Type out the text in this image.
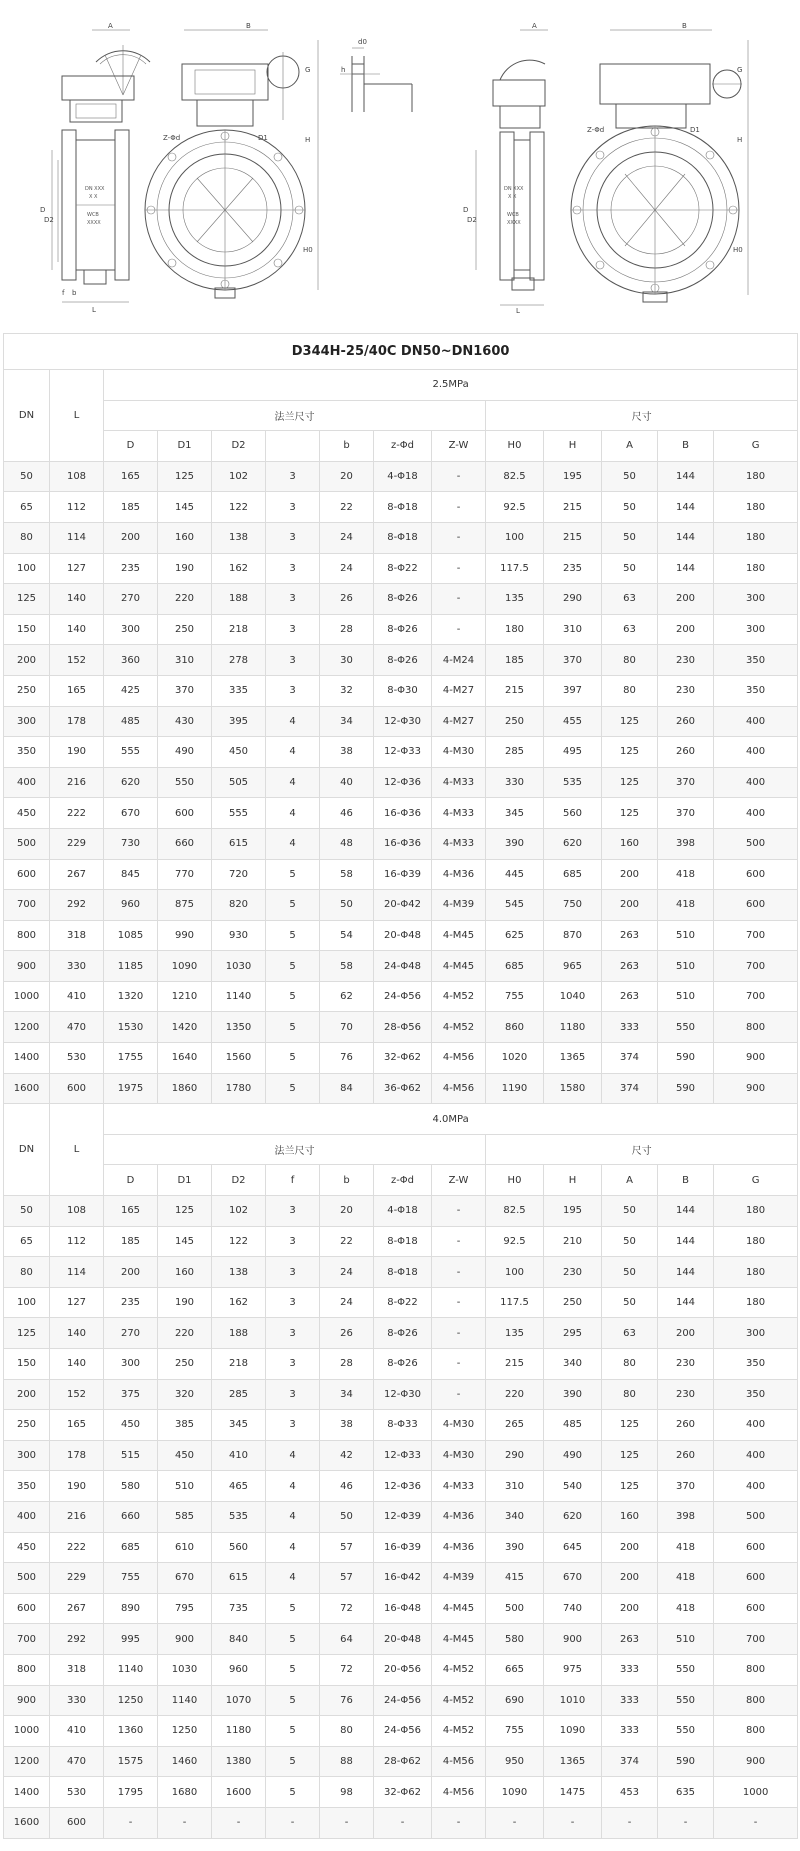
DN XXX
X X
WCB
XXXX
A
D
D2
L
f b
B
H
H0
G
Z-Φd	D1
d0
h
DN XXX
X X
WCB
XXXX
A
D
D2
L
B
H
H0
G
Z-Φd	D1
D344H-25/40C DN50~DN1600													
DN	L	2.5MPa											
		法兰尺寸							尺寸				
		D	D1	D2		b	z-Φd	Z-W	H0	H	A	B	G
50	108	165	125	102	3	20	4-Φ18	-	82.5	195	50	144	180
65	112	185	145	122	3	22	8-Φ18	-	92.5	215	50	144	180
80	114	200	160	138	3	24	8-Φ18	-	100	215	50	144	180
100	127	235	190	162	3	24	8-Φ22	-	117.5	235	50	144	180
125	140	270	220	188	3	26	8-Φ26	-	135	290	63	200	300
150	140	300	250	218	3	28	8-Φ26	-	180	310	63	200	300
200	152	360	310	278	3	30	8-Φ26	4-M24	185	370	80	230	350
250	165	425	370	335	3	32	8-Φ30	4-M27	215	397	80	230	350
300	178	485	430	395	4	34	12-Φ30	4-M27	250	455	125	260	400
350	190	555	490	450	4	38	12-Φ33	4-M30	285	495	125	260	400
400	216	620	550	505	4	40	12-Φ36	4-M33	330	535	125	370	400
450	222	670	600	555	4	46	16-Φ36	4-M33	345	560	125	370	400
500	229	730	660	615	4	48	16-Φ36	4-M33	390	620	160	398	500
600	267	845	770	720	5	58	16-Φ39	4-M36	445	685	200	418	600
700	292	960	875	820	5	50	20-Φ42	4-M39	545	750	200	418	600
800	318	1085	990	930	5	54	20-Φ48	4-M45	625	870	263	510	700
900	330	1185	1090	1030	5	58	24-Φ48	4-M45	685	965	263	510	700
1000	410	1320	1210	1140	5	62	24-Φ56	4-M52	755	1040	263	510	700
1200	470	1530	1420	1350	5	70	28-Φ56	4-M52	860	1180	333	550	800
1400	530	1755	1640	1560	5	76	32-Φ62	4-M56	1020	1365	374	590	900
1600	600	1975	1860	1780	5	84	36-Φ62	4-M56	1190	1580	374	590	900
DN	L	4.0MPa											
		法兰尺寸							尺寸				
		D	D1	D2	f	b	z-Φd	Z-W	H0	H	A	B	G
50	108	165	125	102	3	20	4-Φ18	-	82.5	195	50	144	180
65	112	185	145	122	3	22	8-Φ18	-	92.5	210	50	144	180
80	114	200	160	138	3	24	8-Φ18	-	100	230	50	144	180
100	127	235	190	162	3	24	8-Φ22	-	117.5	250	50	144	180
125	140	270	220	188	3	26	8-Φ26	-	135	295	63	200	300
150	140	300	250	218	3	28	8-Φ26	-	215	340	80	230	350
200	152	375	320	285	3	34	12-Φ30	-	220	390	80	230	350
250	165	450	385	345	3	38	8-Φ33	4-M30	265	485	125	260	400
300	178	515	450	410	4	42	12-Φ33	4-M30	290	490	125	260	400
350	190	580	510	465	4	46	12-Φ36	4-M33	310	540	125	370	400
400	216	660	585	535	4	50	12-Φ39	4-M36	340	620	160	398	500
450	222	685	610	560	4	57	16-Φ39	4-M36	390	645	200	418	600
500	229	755	670	615	4	57	16-Φ42	4-M39	415	670	200	418	600
600	267	890	795	735	5	72	16-Φ48	4-M45	500	740	200	418	600
700	292	995	900	840	5	64	20-Φ48	4-M45	580	900	263	510	700
800	318	1140	1030	960	5	72	20-Φ56	4-M52	665	975	333	550	800
900	330	1250	1140	1070	5	76	24-Φ56	4-M52	690	1010	333	550	800
1000	410	1360	1250	1180	5	80	24-Φ56	4-M52	755	1090	333	550	800
1200	470	1575	1460	1380	5	88	28-Φ62	4-M56	950	1365	374	590	900
1400	530	1795	1680	1600	5	98	32-Φ62	4-M56	1090	1475	453	635	1000
1600	600	-	-	-	-	-	-	-	-	-	-	-	-
